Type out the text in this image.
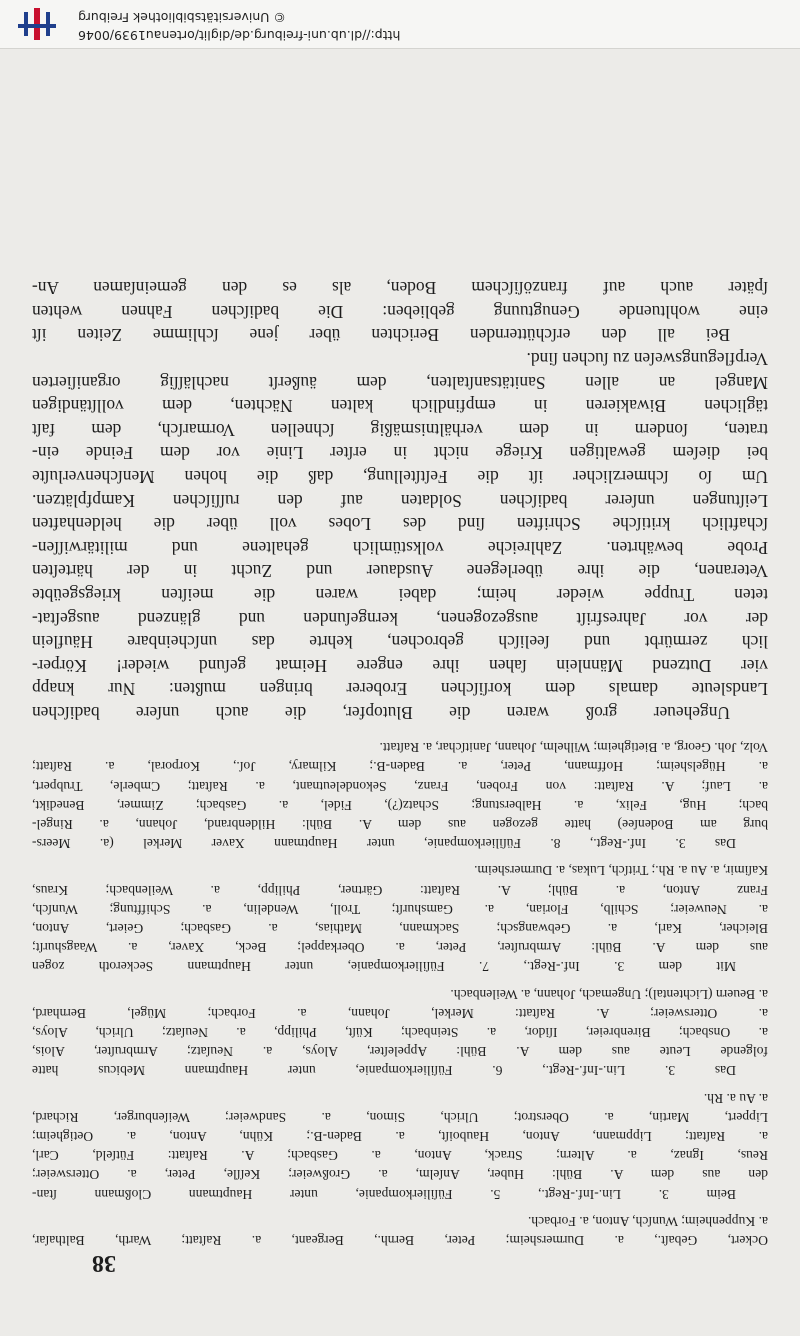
http://dl.ub.uni-freiburg.de/diglit/ortenau1939/0046
© Universitätsbibliothek Freiburg
38

Ockert, Gebaſt., a. Durmersheim; Peter, Bernh., Bergeant, a. Raſtatt; Warth, Balthaſar,
a. Kuppenheim; Wunſch, Anton, a. Forbach.

Beim 3. Lin.-Inf.-Regt., 5. Füſilierkompanie, unter Hauptmann Cloßmann ſtan-
den aus dem A. Bühl: Huber, Anſelm, a. Großweier; Keſſle, Peter, a. Ottersweier;
Reus, Ignaz, a. Altern; Strack, Anton, a. Gasbach; A. Raſtatt: Fütſeld, Carl,
a. Raſtatt; Lippmann, Anton, Hauboiſt, a. Baden-B.; Kühn, Anton, a. Oetigheim;
Lippert, Martin, a. Oberstrot; Ulrich, Simon, a. Sandweier; Weiſenburger, Richard,
a. Au a. Rh.

Das 3. Lin.-Inf.-Regt., 6. Füſilierkompanie, unter Hauptmann Mebicus hatte
folgende Leute aus dem A. Bühl: Appeleſter, Aloys, a. Neuſatz; Armbruſter, Alois,
a. Onsbach; Birenbreier, Iſidor, a. Steinbach; Küſt, Philipp, a. Neuſatz; Ulrich, Aloys,
a. Ottersweier; A. Raſtatt: Merkel, Johann, a. Forbach; Mügel, Bernhard,
a. Beuern (Lichtental); Ungemach, Johann, a. Weilenbach.

Mit dem 3. Inf.-Regt., 7. Füſilierkompanie, unter Hauptmann Seckeroth zogen
aus dem A. Bühl: Armbruſter, Peter, a. Oberkappel; Beck, Xaver, a. Waagshurſt;
Bleicher, Karl, a. Gebwangsch; Sackmann, Mathias, a. Gasbach; Geiert, Anton,
a. Neuweier; Schilb, Florian, a. Gamshurſt; Troll, Wendelin, a. Schifftung; Wunſch,
Franz Anton, a. Bühl; A. Raſtatt: Gärtner, Philipp, a. Weilenbach; Kraus,
Kaſimir, a. Au a. Rh.; Tritſch, Lukas, a. Durmersheim.

Das 3. Inf.-Regt., 8. Füſilierkompanie, unter Hauptmann Xaver Merkel (a. Meers-
burg am Bodenſee) hatte gezogen aus dem A. Bühl: Hildenbrand, Johann, a. Ringel-
bach; Hug, Felix, a. Halberstung; Schatz(?), Fidel, a. Gasbach; Zimmer, Benedikt,
a. Lauf; A. Raſtatt: von Froben, Franz, Sekondeleutnant, a. Raſtatt; Cmberle, Trubpert,
a. Hügelsheim; Hoffmann, Peter, a. Baden-B.; Kilmary, Joſ., Korporal, a. Raſtatt;
Volz, Joh. Georg, a. Bietigheim; Wilhelm, Johann, Janitſchar, a. Raſtatt.

Ungeheuer groß waren die Blutopfer, die auch unſere badiſchen
Landsleute damals dem korſiſchen Eroberer bringen mußten: Nur knapp
vier Dutzend Männlein ſahen ihre engere Heimat geſund wieder! Körper-
lich zermürbt und ſeeliſch gebrochen, kehrte das unſcheinbare Häuflein
der vor Jahresfriſt ausgezogenen, kerngeſunden und glänzend ausgeſtat-
teten Truppe wieder heim; dabei waren die meiſten kriegsgeübte
Veteranen, die ihre überlegene Ausdauer und Zucht in der härteſten
Probe bewährten. Zahlreiche volkstümlich gehaltene und militärwiſſen-
ſchaftlich kritiſche Schriften ſind des Lobes voll über die heldenhaften
Leiſtungen unſerer badiſchen Soldaten auf den ruſſiſchen Kampfplätzen.
Um ſo ſchmerzlicher iſt die Feſtſtellung, daß die hohen Menſchenverluſte
bei dieſem gewaltigen Kriege nicht in erſter Linie vor dem Feinde ein-
traten, ſondern in dem verhältnismäßig ſchnellen Vormarſch, dem faſt
täglichen Biwakieren in empfindlich kalten Nächten, dem vollſtändigen
Mangel an allen Sanitätsanſtalten, dem äußerſt nachläſſig organiſierten
Verpflegungsweſen zu ſuchen ſind.

Bei all den erſchütternden Berichten über jene ſchlimme Zeiten iſt
eine wohltuende Genugtuung geblieben: Die badiſchen Fahnen wehten
ſpäter auch auf franzöſiſchem Boden, als es den gemeinſamen An-
